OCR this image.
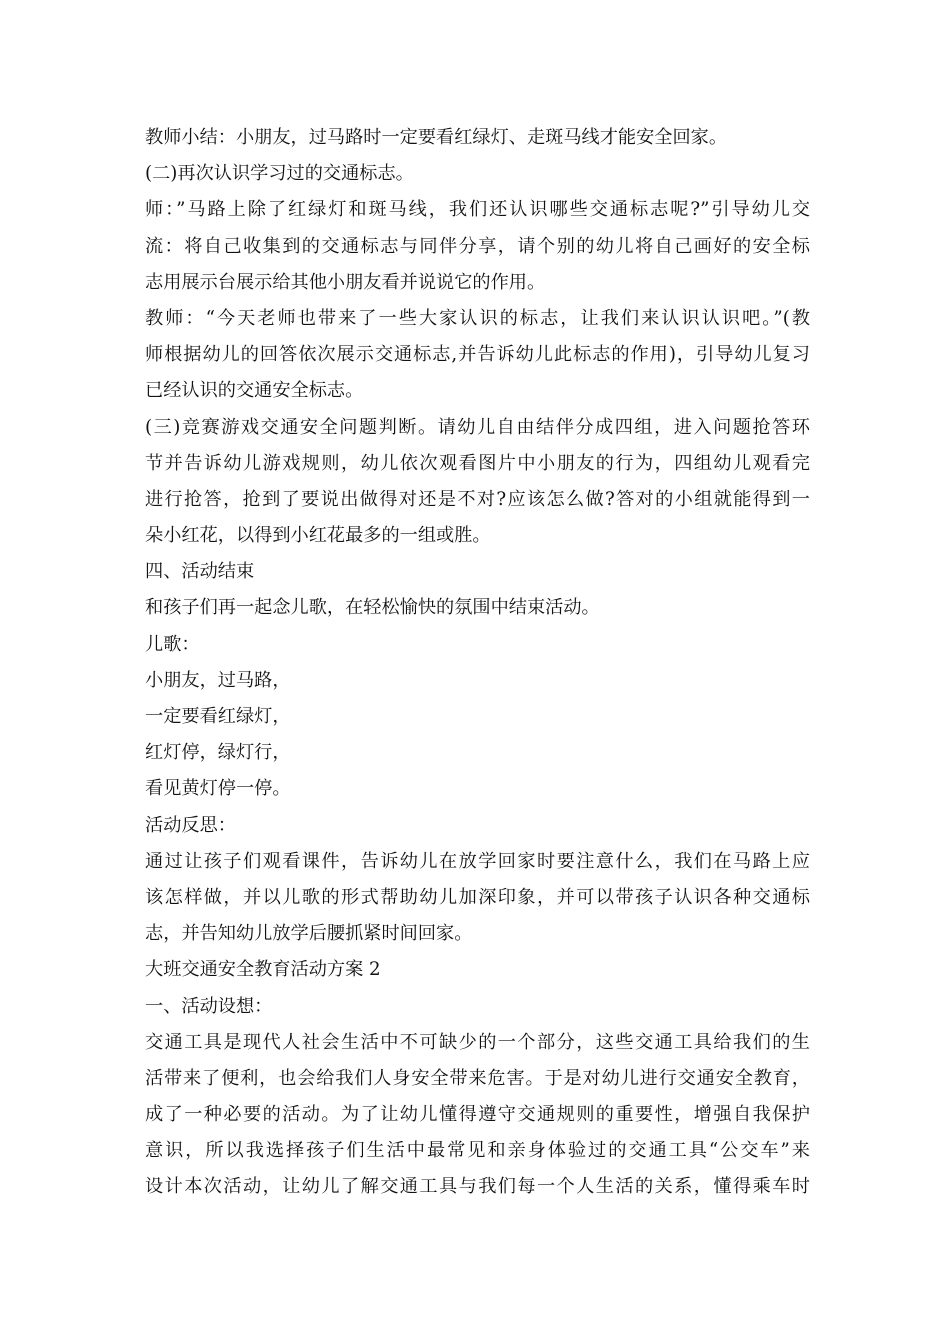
教师小结：小朋友，过马路时一定要看红绿灯、走斑马线才能安全回家。
(二)再次认识学习过的交通标志。
师：”马路上除了红绿灯和斑马线，我们还认识哪些交通标志呢?”引导幼儿交
流：将自己收集到的交通标志与同伴分享，请个别的幼儿将自己画好的安全标
志用展示台展示给其他小朋友看并说说它的作用。
教师：“今天老师也带来了一些大家认识的标志，让我们来认识认识吧。”(教
师根据幼儿的回答依次展示交通标志,并告诉幼儿此标志的作用)，引导幼儿复习
已经认识的交通安全标志。
(三)竞赛游戏交通安全问题判断。请幼儿自由结伴分成四组，进入问题抢答环
节并告诉幼儿游戏规则，幼儿依次观看图片中小朋友的行为，四组幼儿观看完
进行抢答，抢到了要说出做得对还是不对?应该怎么做?答对的小组就能得到一
朵小红花，以得到小红花最多的一组或胜。
四、活动结束
和孩子们再一起念儿歌，在轻松愉快的氛围中结束活动。
儿歌：
小朋友，过马路，
一定要看红绿灯，
红灯停，绿灯行，
看见黄灯停一停。
活动反思：
通过让孩子们观看课件，告诉幼儿在放学回家时要注意什么，我们在马路上应
该怎样做，并以儿歌的形式帮助幼儿加深印象，并可以带孩子认识各种交通标
志，并告知幼儿放学后腰抓紧时间回家。
大班交通安全教育活动方案 2
一、活动设想：
交通工具是现代人社会生活中不可缺少的一个部分，这些交通工具给我们的生
活带来了便利，也会给我们人身安全带来危害。于是对幼儿进行交通安全教育，
成了一种必要的活动。为了让幼儿懂得遵守交通规则的重要性，增强自我保护
意识，所以我选择孩子们生活中最常见和亲身体验过的交通工具“公交车”来
设计本次活动，让幼儿了解交通工具与我们每一个人生活的关系，懂得乘车时
